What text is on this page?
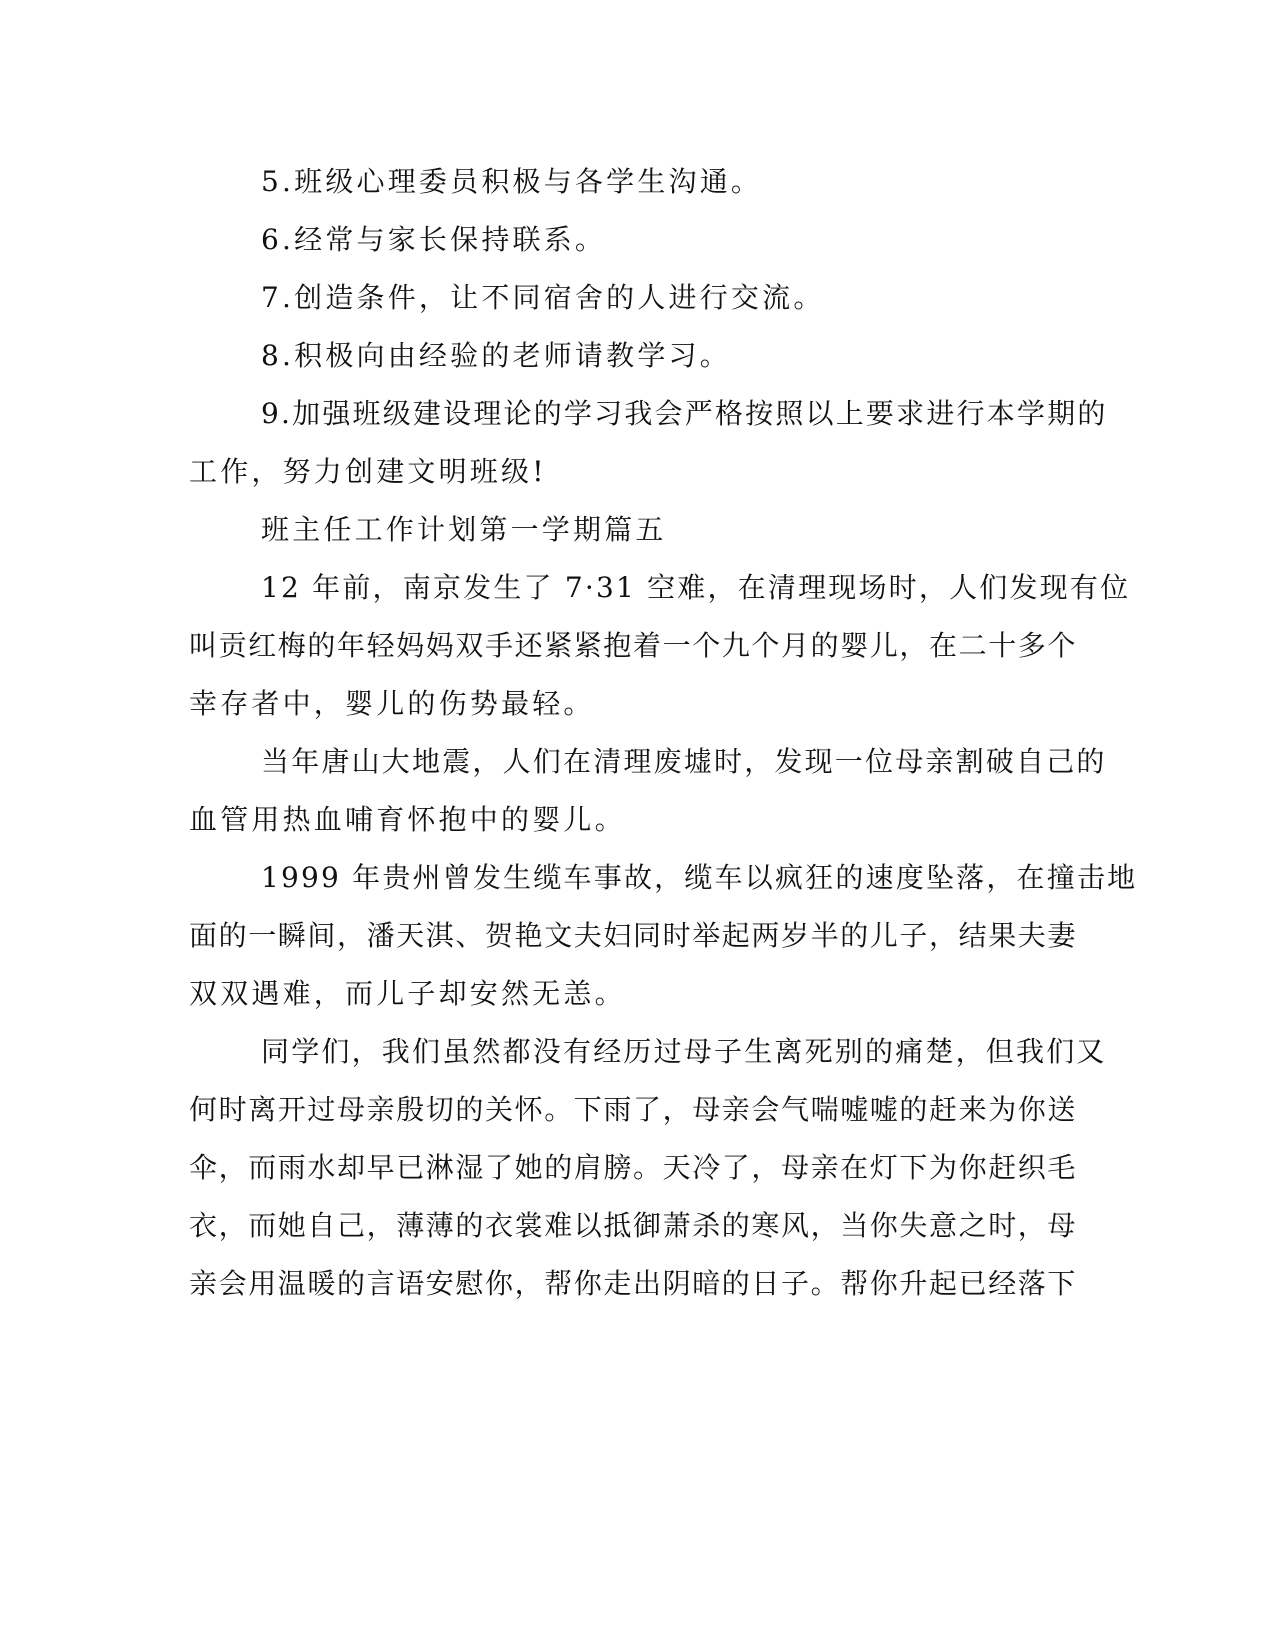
5.班级心理委员积极与各学生沟通。
6.经常与家长保持联系。
7.创造条件，让不同宿舍的人进行交流。
8.积极向由经验的老师请教学习。
9.加强班级建设理论的学习我会严格按照以上要求进行本学期的
工作，努力创建文明班级!
班主任工作计划第一学期篇五
12 年前，南京发生了 7·31 空难，在清理现场时，人们发现有位
叫贡红梅的年轻妈妈双手还紧紧抱着一个九个月的婴儿，在二十多个
幸存者中，婴儿的伤势最轻。
当年唐山大地震，人们在清理废墟时，发现一位母亲割破自己的
血管用热血哺育怀抱中的婴儿。
1999 年贵州曾发生缆车事故，缆车以疯狂的速度坠落，在撞击地
面的一瞬间，潘天淇、贺艳文夫妇同时举起两岁半的儿子，结果夫妻
双双遇难，而儿子却安然无恙。
同学们，我们虽然都没有经历过母子生离死别的痛楚，但我们又
何时离开过母亲殷切的关怀。下雨了，母亲会气喘嘘嘘的赶来为你送
伞，而雨水却早已淋湿了她的肩膀。天冷了，母亲在灯下为你赶织毛
衣，而她自己，薄薄的衣裳难以抵御萧杀的寒风，当你失意之时，母
亲会用温暖的言语安慰你，帮你走出阴暗的日子。帮你升起已经落下
